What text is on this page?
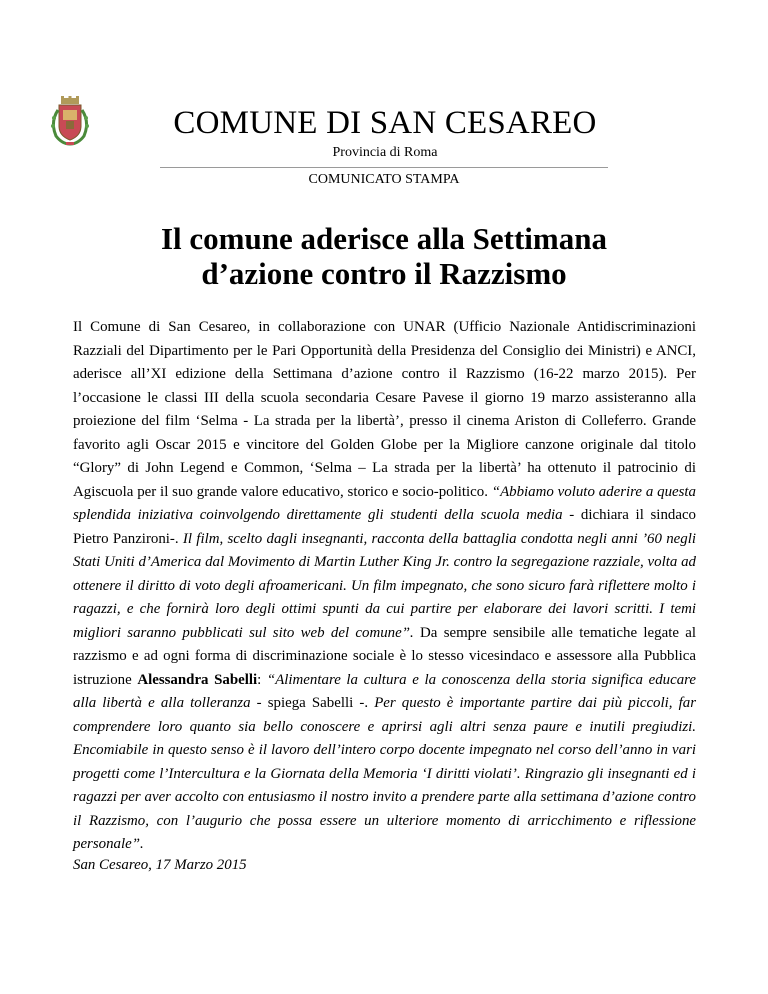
COMUNE DI SAN CESAREO
Provincia di Roma
COMUNICATO STAMPA
Il comune aderisce alla Settimana
d’azione contro il Razzismo

Il Comune di San Cesareo, in collaborazione con UNAR (Ufficio Nazionale Antidiscriminazioni Razziali del Dipartimento per le Pari Opportunità della Presidenza del Consiglio dei Ministri) e ANCI, aderisce all’XI edizione della Settimana d’azione contro il Razzismo (16-22 marzo 2015). Per l’occasione le classi III della scuola secondaria Cesare Pavese il giorno 19 marzo assisteranno alla proiezione del film ‘Selma - La strada per la libertà’, presso il cinema Ariston di Colleferro. Grande favorito agli Oscar 2015 e vincitore del Golden Globe per la Migliore canzone originale dal titolo “Glory” di John Legend e Common, ‘Selma – La strada per la libertà’ ha ottenuto il patrocinio di Agiscuola per il suo grande valore educativo, storico e socio-politico. “Abbiamo voluto aderire a questa splendida iniziativa coinvolgendo direttamente gli studenti della scuola media - dichiara il sindaco Pietro Panzironi-. Il film, scelto dagli insegnanti, racconta della battaglia condotta negli anni ’60 negli Stati Uniti d’America dal Movimento di Martin Luther King Jr. contro la segregazione razziale, volta ad ottenere il diritto di voto degli afroamericani. Un film impegnato, che sono sicuro farà riflettere molto i ragazzi, e che fornirà loro degli ottimi spunti da cui partire per elaborare dei lavori scritti. I temi migliori saranno pubblicati sul sito web del comune”. Da sempre sensibile alle tematiche legate al razzismo e ad ogni forma di discriminazione sociale è lo stesso vicesindaco e assessore alla Pubblica istruzione Alessandra Sabelli: “Alimentare la cultura e la conoscenza della storia significa educare alla libertà e alla tolleranza - spiega Sabelli -. Per questo è importante partire dai più piccoli, far comprendere loro quanto sia bello conoscere e aprirsi agli altri senza paure e inutili pregiudizi. Encomiabile in questo senso è il lavoro dell’intero corpo docente impegnato nel corso dell’anno in vari progetti come l’Intercultura e la Giornata della Memoria ‘I diritti violati’. Ringrazio gli insegnanti ed i ragazzi per aver accolto con entusiasmo il nostro invito a prendere parte alla settimana d’azione contro il Razzismo, con l’augurio che possa essere un ulteriore momento di arricchimento e riflessione personale”.

San Cesareo, 17 Marzo 2015
